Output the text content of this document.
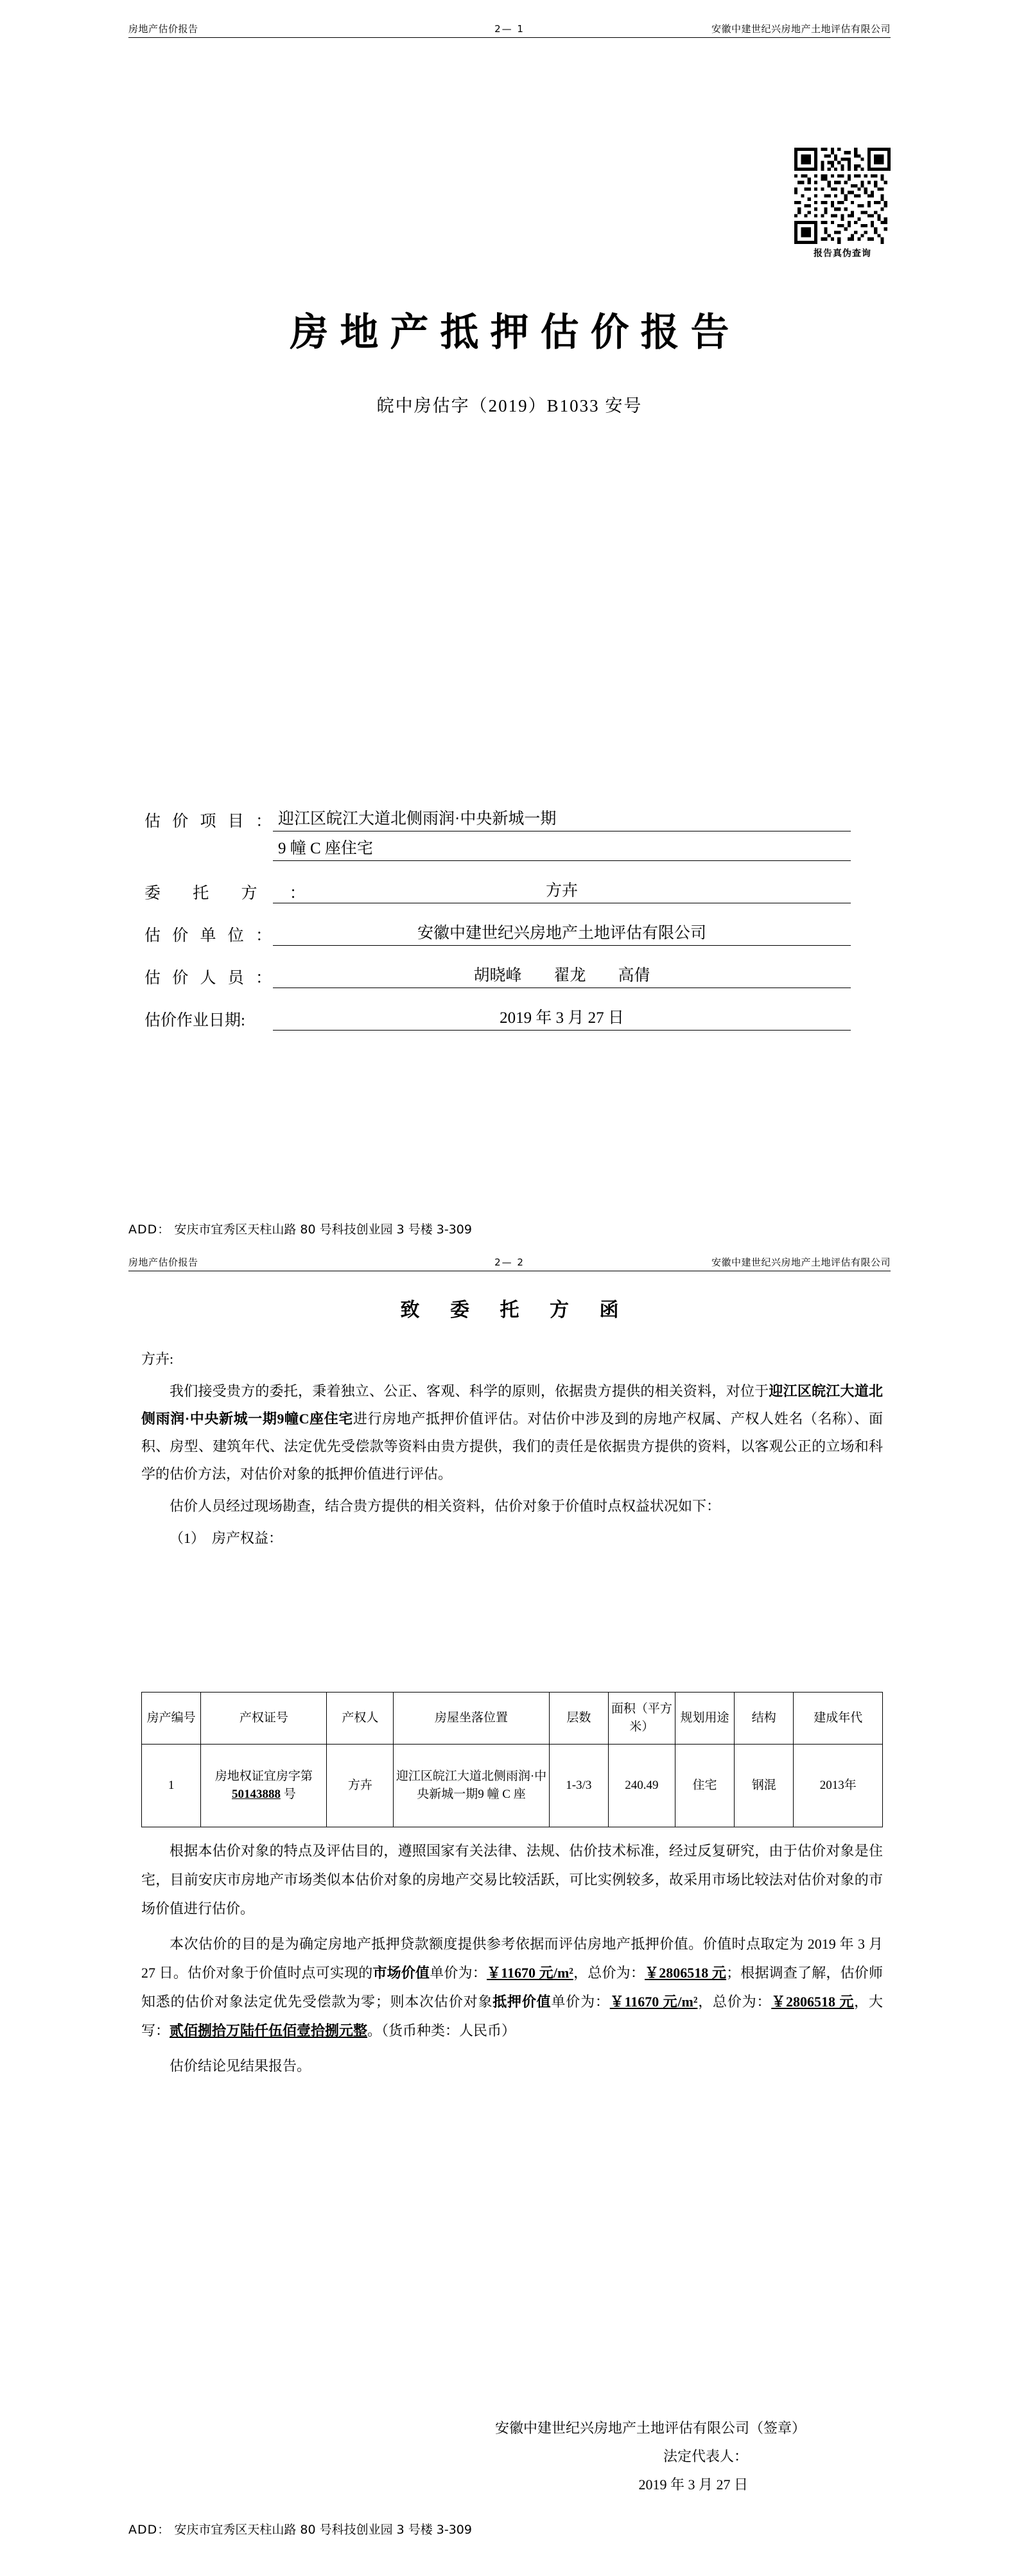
房地产估价报告	2— 1	安徽中建世纪兴房地产土地评估有限公司
报告真伪查询
房地产抵押估价报告
皖中房估字（2019）B1033 安号
估 价 项 目 ： 迎江区皖江大道北侧雨润·中央新城一期
9 幢 C 座住宅
委 托 方 ：	方卉
估 价 单 位 ：	安徽中建世纪兴房地产土地评估有限公司
估 价 人 员 ：	胡晓峰　　翟龙　　高倩
估价作业日期:	2019 年 3 月 27 日
ADD： 安庆市宜秀区天柱山路 80 号科技创业园 3 号楼 3-309
房地产估价报告	2— 2	安徽中建世纪兴房地产土地评估有限公司
致 委 托 方 函

方卉:

我们接受贵方的委托，秉着独立、公正、客观、科学的原则，依据贵方提供的相关资料，对位于迎江区皖江大道北侧雨润·中央新城一期9幢C座住宅进行房地产抵押价值评估。对估价中涉及到的房地产权属、产权人姓名（名称）、面积、房型、建筑年代、法定优先受偿款等资料由贵方提供，我们的责任是依据贵方提供的资料，以客观公正的立场和科学的估价方法，对估价对象的抵押价值进行评估。

估价人员经过现场勘查，结合贵方提供的相关资料，估价对象于价值时点权益状况如下：

（1）　房产权益：

房产编号	产权证号	产权人	房屋坐落位置	层数	面积（平方米）	规划用途	结构	建成年代
1	房地权证宜房字第 50143888 号	方卉	迎江区皖江大道北侧雨润·中央新城一期9 幢 C 座	1-3/3	240.49	住宅	钢混	2013年

根据本估价对象的特点及评估目的，遵照国家有关法律、法规、估价技术标准，经过反复研究，由于估价对象是住宅，目前安庆市房地产市场类似本估价对象的房地产交易比较活跃，可比实例较多，故采用市场比较法对估价对象的市场价值进行估价。

本次估价的目的是为确定房地产抵押贷款额度提供参考依据而评估房地产抵押价值。价值时点取定为 2019 年 3 月 27 日。估价对象于价值时点可实现的市场价值单价为：￥11670 元/m²，总价为：￥2806518 元；根据调查了解，估价师知悉的估价对象法定优先受偿款为零；则本次估价对象抵押价值单价为：￥11670 元/m²，总价为：￥2806518 元，大写：贰佰捌拾万陆仟伍佰壹拾捌元整。（货币种类：人民币）

估价结论见结果报告。

安徽中建世纪兴房地产土地评估有限公司（签章）
法定代表人：
2019 年 3 月 27 日
ADD： 安庆市宜秀区天柱山路 80 号科技创业园 3 号楼 3-309
